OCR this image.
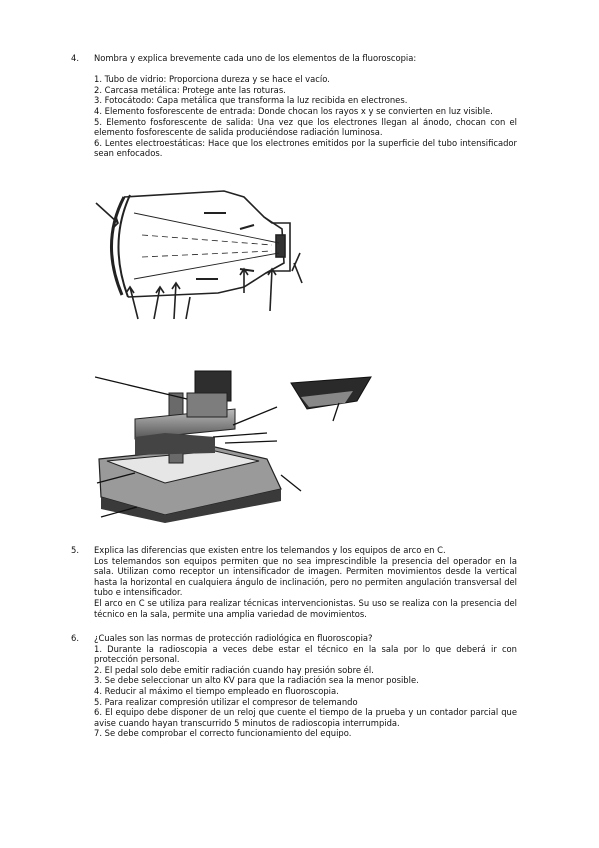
4. Nombra y explica brevemente cada uno de los elementos de la fluoroscopia:
1. Tubo de vidrio: Proporciona dureza y se hace el vacío.
2. Carcasa metálica: Protege ante las roturas.
3. Fotocátodo: Capa metálica que transforma la luz recibida en electrones.
4. Elemento fosforescente de entrada: Donde chocan los rayos x y se convierten en luz visible.
5. Elemento fosforescente de salida: Una vez que los electrones llegan al ánodo, chocan con el elemento fosforescente de salida produciéndose radiación luminosa.
6. Lentes electroestáticas: Hace que los electrones emitidos por la superficie del tubo intensificador sean enfocados.
5. Explica las diferencias que existen entre los telemandos y los equipos de arco en C.
Los telemandos son equipos permiten que no sea imprescindible la presencia del operador en la sala. Utilizan como receptor un intensificador de imagen. Permiten movimientos desde la vertical hasta la horizontal en cualquiera ángulo de inclinación, pero no permiten angulación transversal del tubo e intensificador.
El arco en C se utiliza para realizar técnicas intervencionistas. Su uso se realiza con la presencia del técnico en la sala, permite una amplia variedad de movimientos.
6. ¿Cuales son las normas de protección radiológica en fluoroscopia?
1. Durante la radioscopia a veces debe estar el técnico en la sala por lo que deberá ir con protección personal.
2. El pedal solo debe emitir radiación cuando hay presión sobre él.
3. Se debe seleccionar un alto KV para que la radiación sea la menor posible.
4. Reducir al máximo el tiempo empleado en fluoroscopia.
5. Para realizar compresión utilizar el compresor de telemando
6. El equipo debe disponer de un reloj que cuente el tiempo de la prueba y un contador parcial que avise cuando hayan transcurrido 5 minutos de radioscopia interrumpida.
7. Se debe comprobar el correcto funcionamiento del equipo.
